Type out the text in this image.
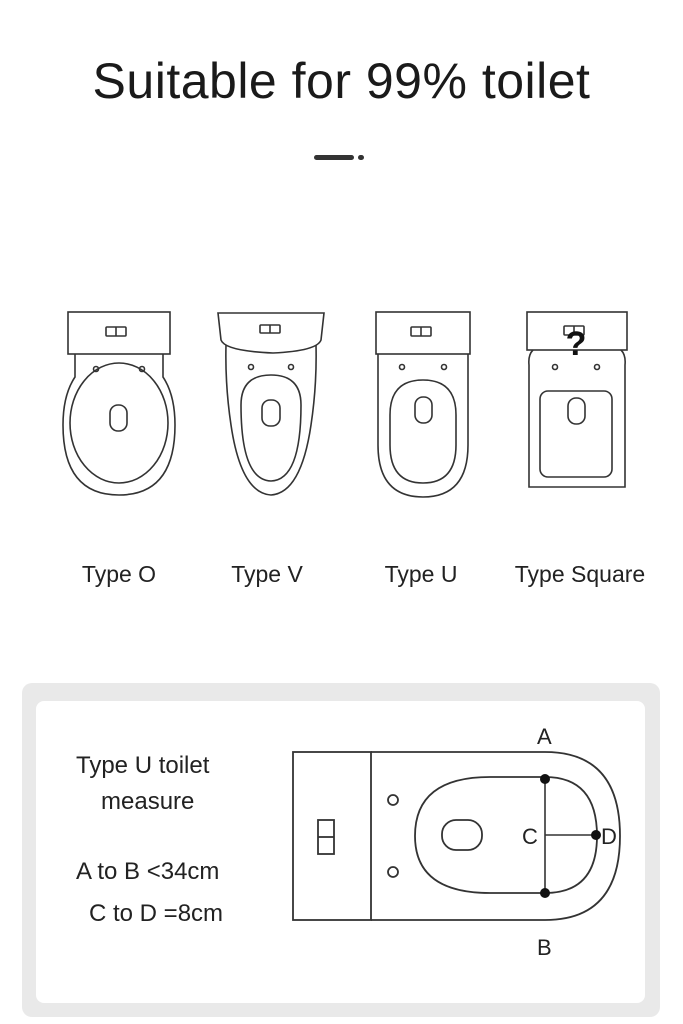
Suitable for 99% toilet
?
Type O	Type V	Type U	Type Square
Type U toilet
measure
A to B <34cm
C to D =8cm
A
B
C	D
